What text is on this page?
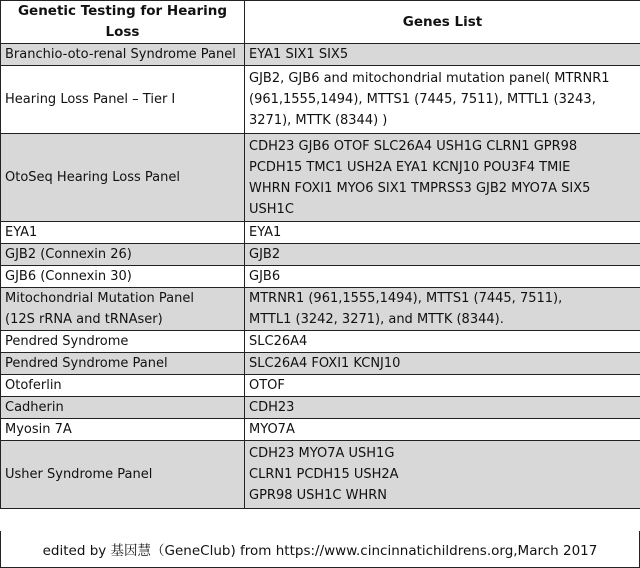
Genetic Testing for Hearing Loss	Genes List

Branchio-oto-renal Syndrome Panel	EYA1 SIX1 SIX5

Hearing Loss Panel – Tier I	GJB2, GJB6 and mitochondrial mutation panel( MTRNR1
(961,1555,1494), MTTS1 (7445, 7511), MTTL1 (3243,
3271), MTTK (8344) )

OtoSeq Hearing Loss Panel	CDH23 GJB6 OTOF SLC26A4 USH1G CLRN1 GPR98
PCDH15 TMC1 USH2A EYA1 KCNJ10 POU3F4 TMIE
WHRN FOXI1 MYO6 SIX1 TMPRSS3 GJB2 MYO7A SIX5
USH1C

EYA1	EYA1

GJB2 (Connexin 26)	GJB2

GJB6 (Connexin 30)	GJB6

Mitochondrial Mutation Panel
(12S rRNA and tRNAser)	MTRNR1 (961,1555,1494), MTTS1 (7445, 7511),
MTTL1 (3242, 3271), and MTTK (8344).

Pendred Syndrome	SLC26A4

Pendred Syndrome Panel	SLC26A4 FOXI1 KCNJ10

Otoferlin	OTOF

Cadherin	CDH23

Myosin 7A	MYO7A

Usher Syndrome Panel	CDH23 MYO7A USH1G
CLRN1 PCDH15 USH2A
GPR98 USH1C WHRN
edited by 基因慧（GeneClub) from https://www.cincinnatichildrens.org,March 2017
